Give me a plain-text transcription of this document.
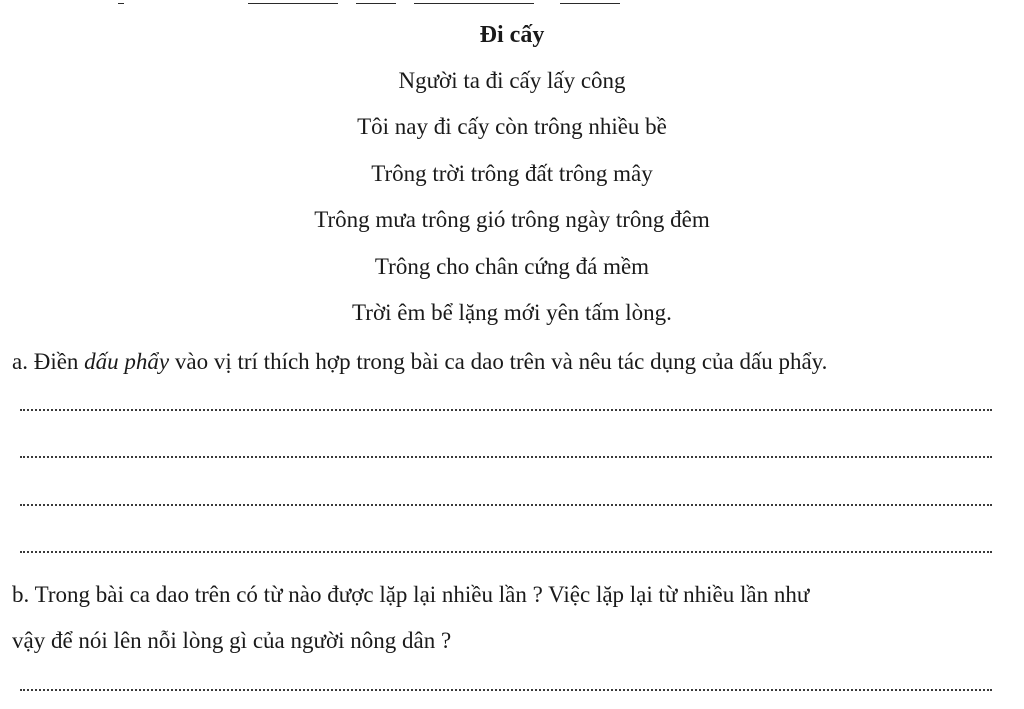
Đi cấy
Người ta đi cấy lấy công
Tôi nay đi cấy còn trông nhiều bề
Trông trời trông đất trông mây
Trông mưa trông gió trông ngày trông đêm
Trông cho chân cứng đá mềm
Trời êm bể lặng mới yên tấm lòng.
a. Điền dấu phẩy vào vị trí thích hợp trong bài ca dao trên và nêu tác dụng của dấu phẩy.
b. Trong bài ca dao trên có từ nào được lặp lại nhiều lần ? Việc lặp lại từ nhiều lần như
vậy để nói lên nỗi lòng gì của người nông dân ?
